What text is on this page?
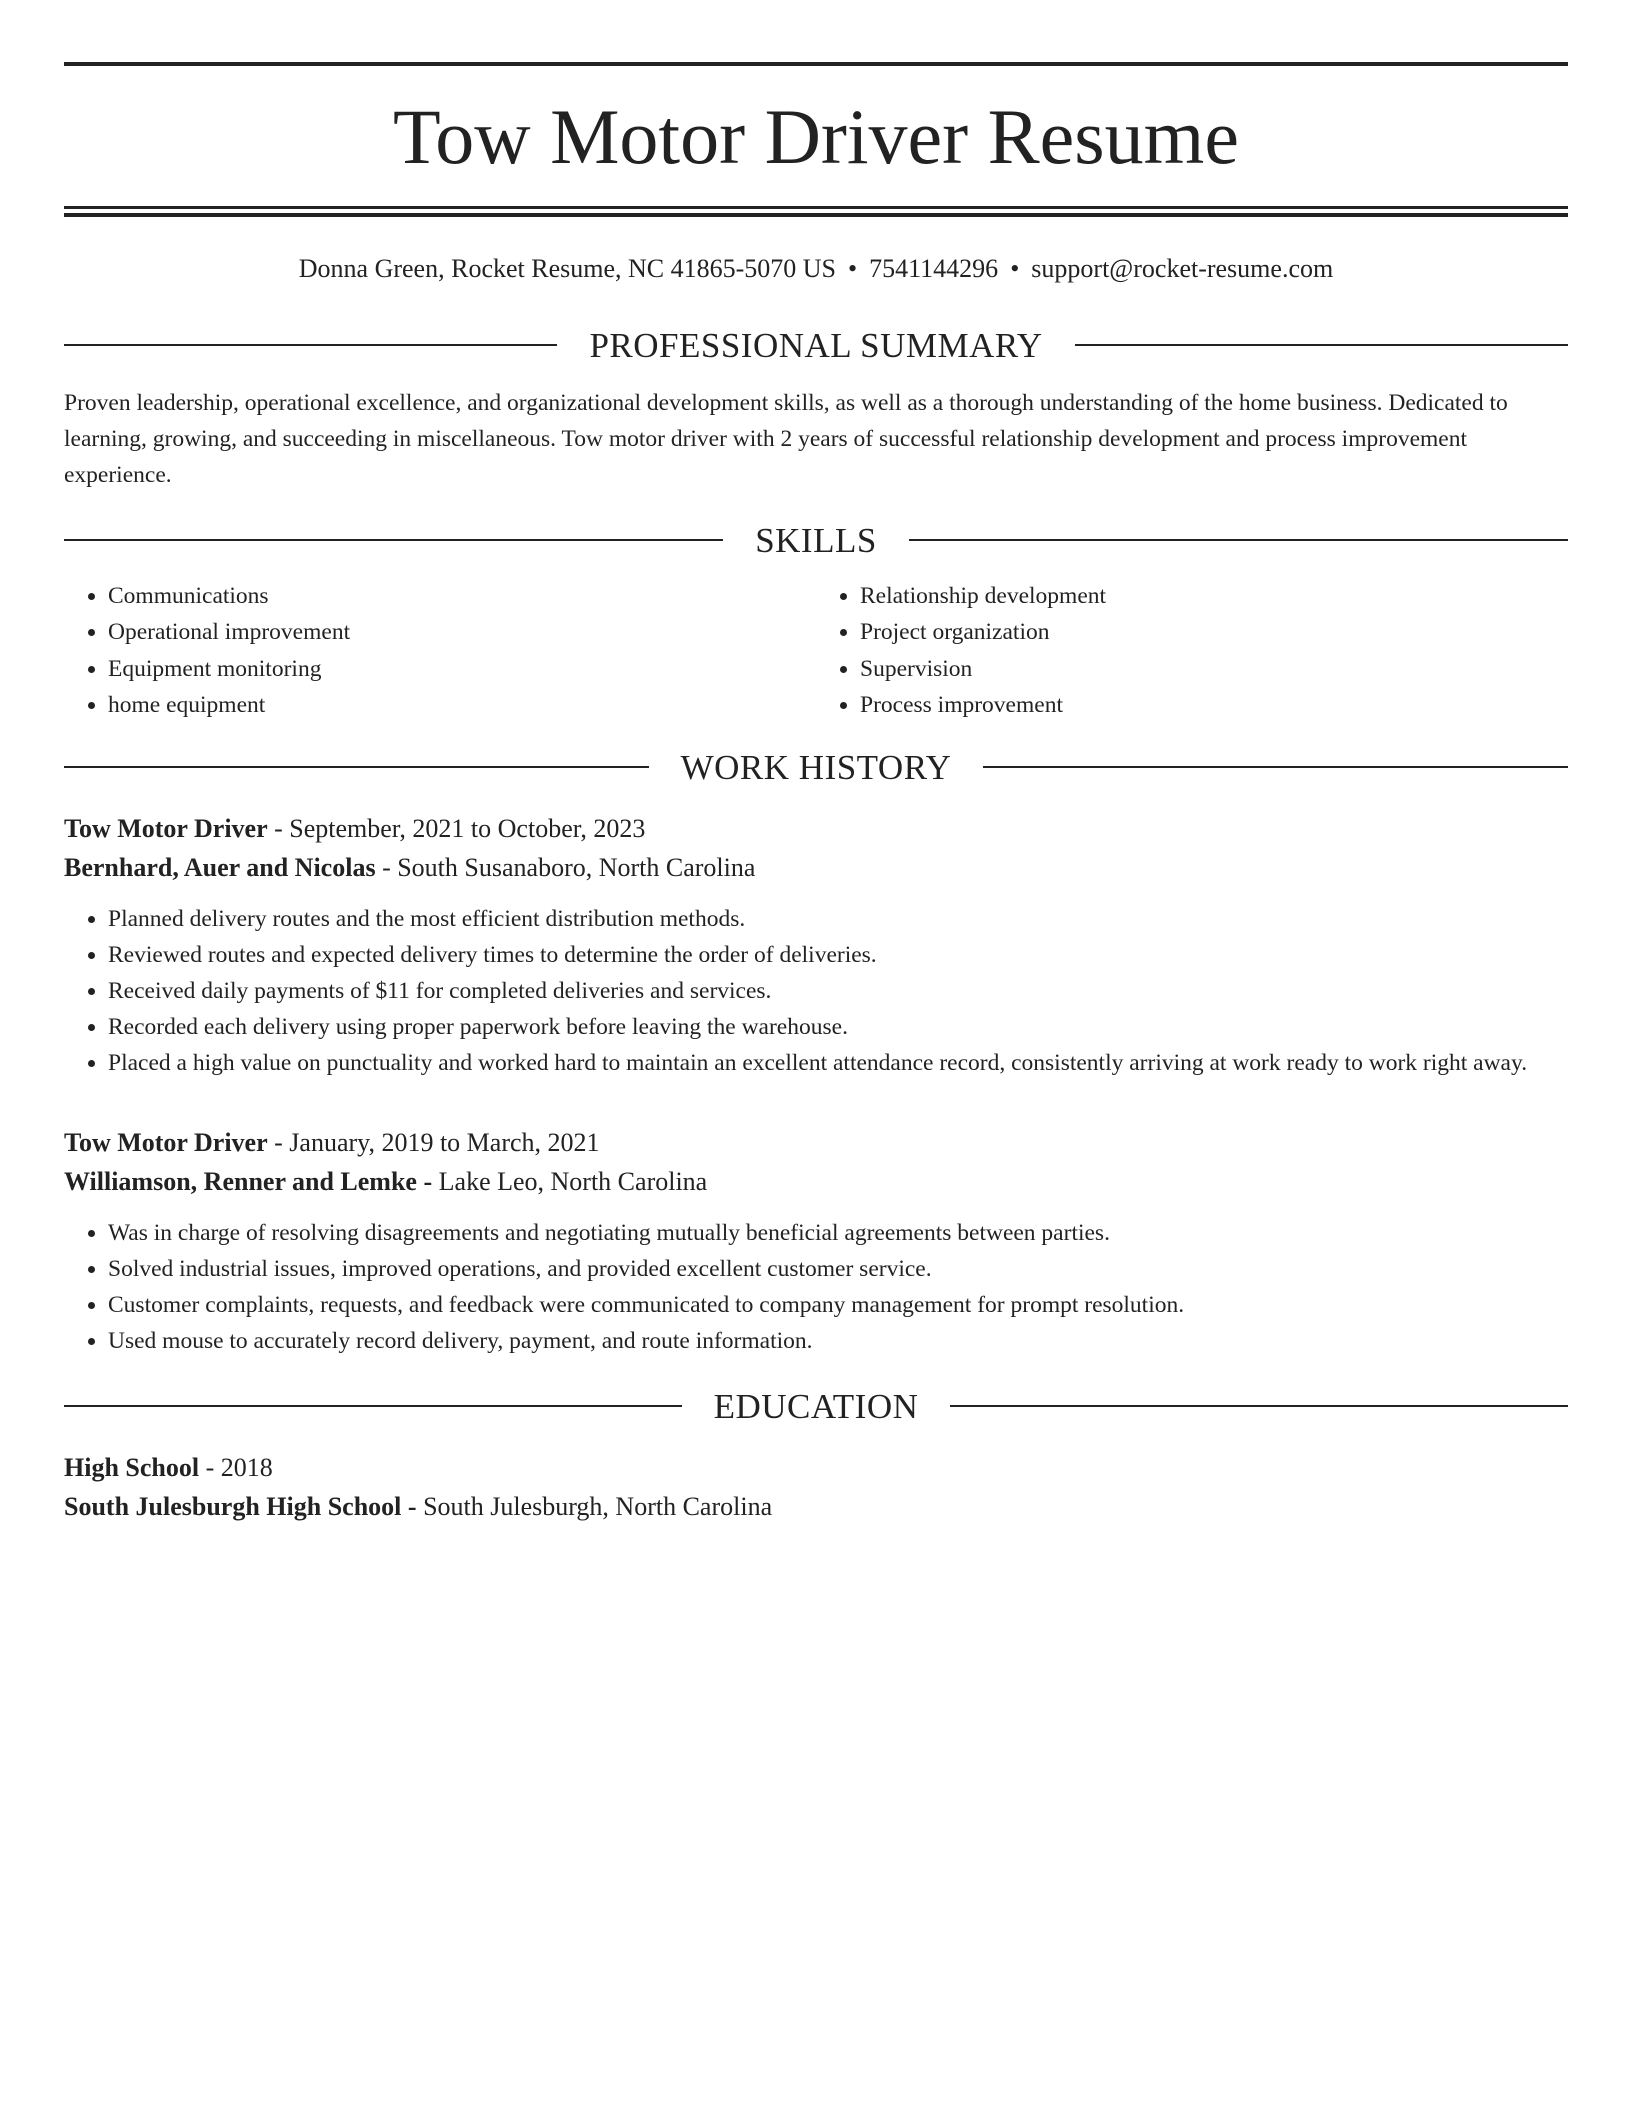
Tow Motor Driver Resume
Donna Green, Rocket Resume, NC 41865-5070 US • 7541144296 • support@rocket-resume.com
PROFESSIONAL SUMMARY

Proven leadership, operational excellence, and organizational development skills, as well as a thorough understanding of the home business. Dedicated to learning, growing, and succeeding in miscellaneous. Tow motor driver with 2 years of successful relationship development and process improvement experience.

SKILLS
• Communications
• Operational improvement
• Equipment monitoring
• home equipment
• Relationship development
• Project organization
• Supervision
• Process improvement
WORK HISTORY
Tow Motor Driver - September, 2021 to October, 2023
Bernhard, Auer and Nicolas - South Susanaboro, North Carolina
• Planned delivery routes and the most efficient distribution methods.
• Reviewed routes and expected delivery times to determine the order of deliveries.
• Received daily payments of $11 for completed deliveries and services.
• Recorded each delivery using proper paperwork before leaving the warehouse.
• Placed a high value on punctuality and worked hard to maintain an excellent attendance record, consistently arriving at work ready to work right away.
Tow Motor Driver - January, 2019 to March, 2021
Williamson, Renner and Lemke - Lake Leo, North Carolina
• Was in charge of resolving disagreements and negotiating mutually beneficial agreements between parties.
• Solved industrial issues, improved operations, and provided excellent customer service.
• Customer complaints, requests, and feedback were communicated to company management for prompt resolution.
• Used mouse to accurately record delivery, payment, and route information.
EDUCATION
High School - 2018
South Julesburgh High School - South Julesburgh, North Carolina
